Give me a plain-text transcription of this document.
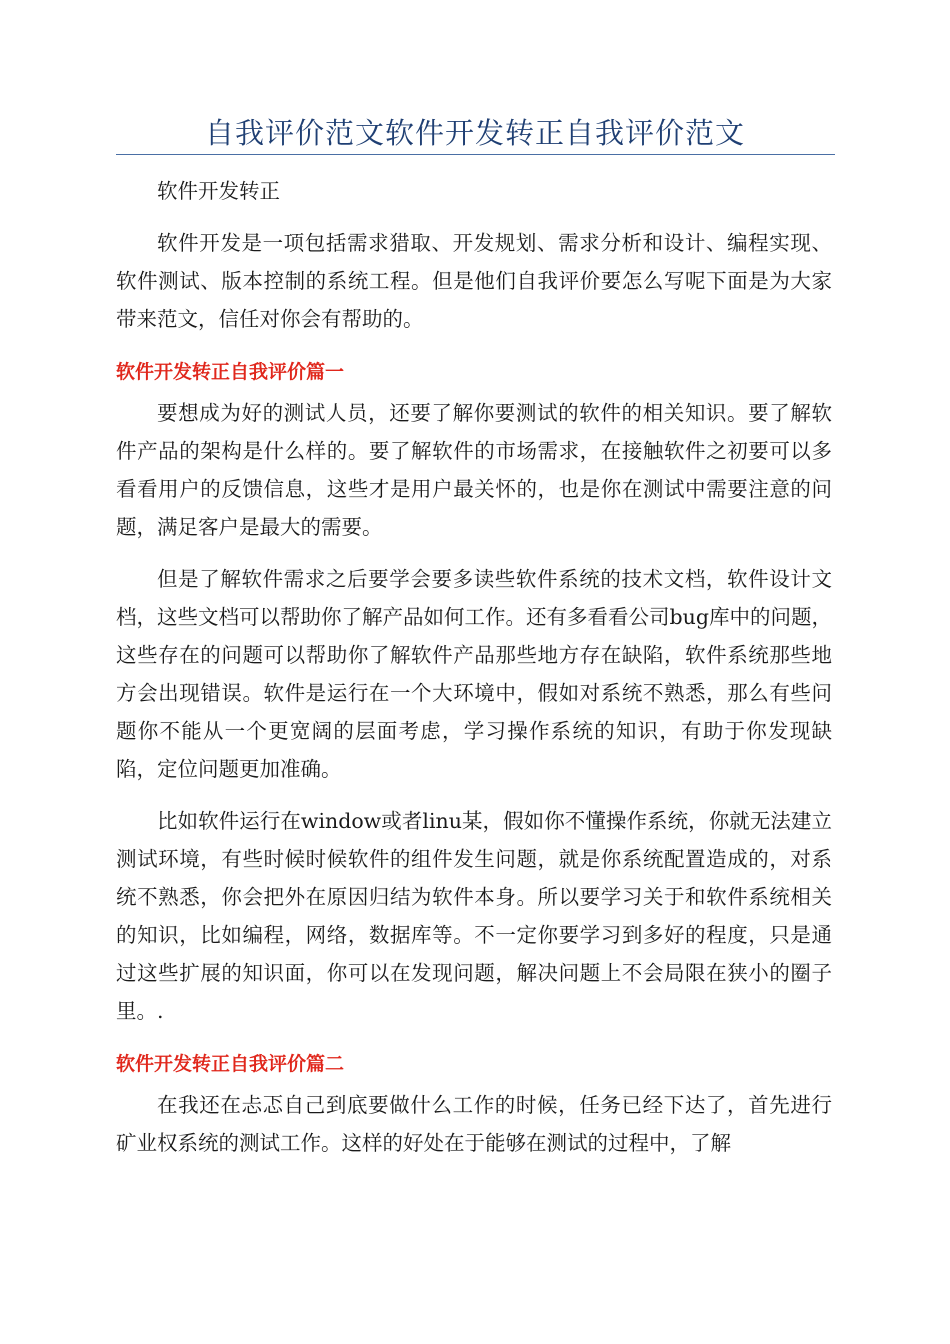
自我评价范文软件开发转正自我评价范文

软件开发转正

软件开发是一项包括需求猎取、开发规划、需求分析和设计、编程实现、软件测试、版本控制的系统工程。但是他们自我评价要怎么写呢下面是为大家带来范文，信任对你会有帮助的。

软件开发转正自我评价篇一

要想成为好的测试人员，还要了解你要测试的软件的相关知识。要了解软件产品的架构是什么样的。要了解软件的市场需求，在接触软件之初要可以多看看用户的反馈信息，这些才是用户最关怀的，也是你在测试中需要注意的问题，满足客户是最大的需要。

但是了解软件需求之后要学会要多读些软件系统的技术文档，软件设计文档，这些文档可以帮助你了解产品如何工作。还有多看看公司bug库中的问题，这些存在的问题可以帮助你了解软件产品那些地方存在缺陷，软件系统那些地方会出现错误。软件是运行在一个大环境中，假如对系统不熟悉，那么有些问题你不能从一个更宽阔的层面考虑，学习操作系统的知识，有助于你发现缺陷，定位问题更加准确。

比如软件运行在window或者linu某，假如你不懂操作系统，你就无法建立测试环境，有些时候时候软件的组件发生问题，就是你系统配置造成的，对系统不熟悉，你会把外在原因归结为软件本身。所以要学习关于和软件系统相关的知识，比如编程，网络，数据库等。不一定你要学习到多好的程度，只是通过这些扩展的知识面，你可以在发现问题，解决问题上不会局限在狭小的圈子里。.

软件开发转正自我评价篇二

在我还在忐忑自己到底要做什么工作的时候，任务已经下达了，首先进行矿业权系统的测试工作。这样的好处在于能够在测试的过程中，了解
